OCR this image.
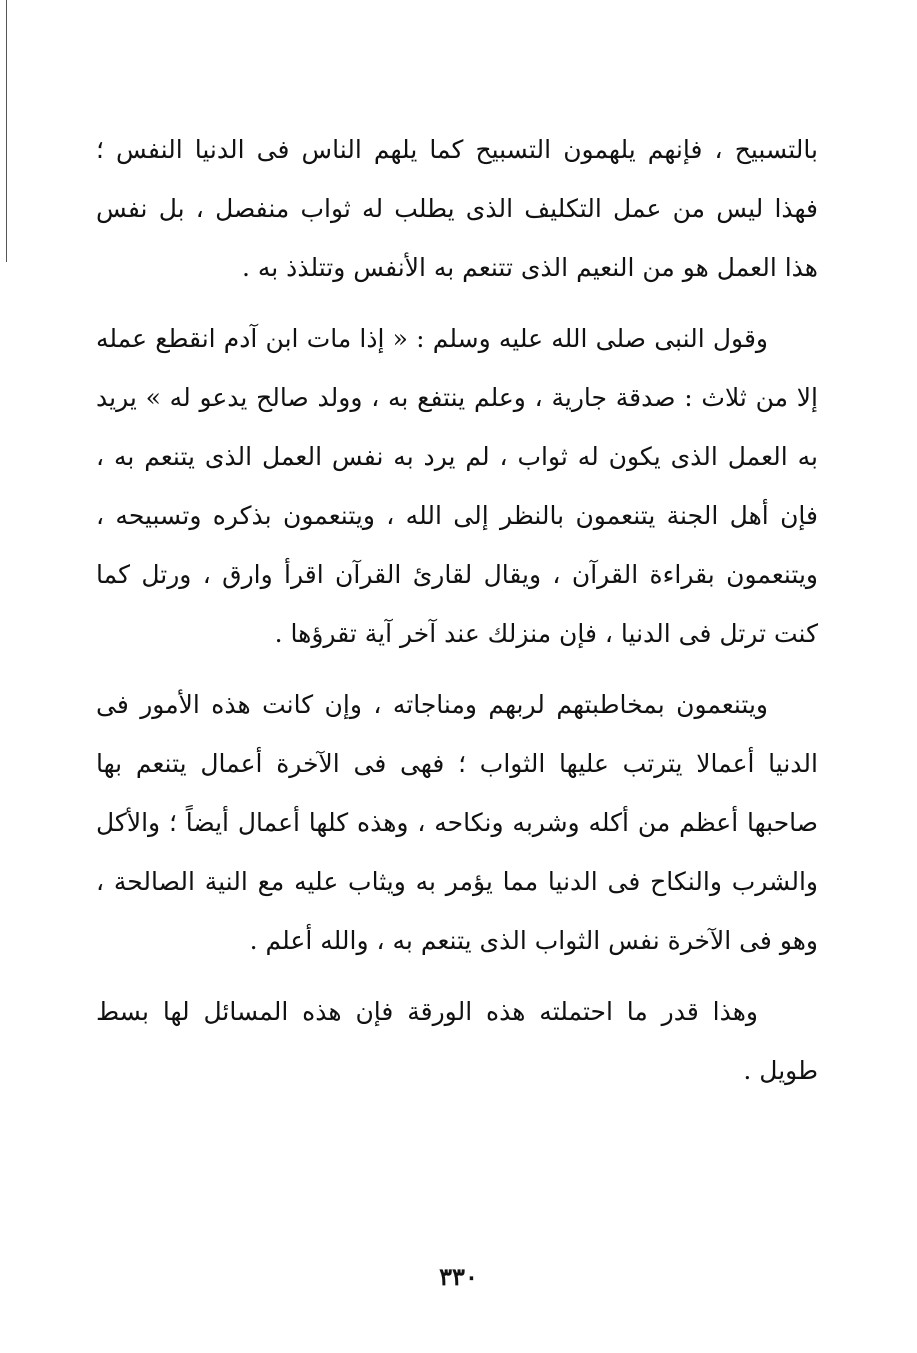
بالتسبيح ، فإنهم يلهمون التسبيح كما يلهم الناس فى الدنيا النفس ؛ فهذا ليس من عمل التكليف الذى يطلب له ثواب منفصل ، بل نفس هذا العمل هو من النعيم الذى تتنعم به الأنفس وتتلذذ به .

وقول النبى صلى الله عليه وسلم : « إذا مات ابن آدم انقطع عمله إلا من ثلاث : صدقة جارية ، وعلم ينتفع به ، وولد صالح يدعو له » يريد به العمل الذى يكون له ثواب ، لم يرد به نفس العمل الذى يتنعم به ، فإن أهل الجنة يتنعمون بالنظر إلى الله ، ويتنعمون بذكره وتسبيحه ، ويتنعمون بقراءة القرآن ، ويقال لقارئ القرآن اقرأ وارق ، ورتل كما كنت ترتل فى الدنيا ، فإن منزلك عند آخر آية تقرؤها .

ويتنعمون بمخاطبتهم لربهم ومناجاته ، وإن كانت هذه الأمور فى الدنيا أعمالا يترتب عليها الثواب ؛ فهى فى الآخرة أعمال يتنعم بها صاحبها أعظم من أكله وشربه ونكاحه ، وهذه كلها أعمال أيضاً ؛ والأكل والشرب والنكاح فى الدنيا مما يؤمر به ويثاب عليه مع النية الصالحة ، وهو فى الآخرة نفس الثواب الذى يتنعم به ، والله أعلم .

وهذا قدر ما احتملته هذه الورقة فإن هذه المسائل لها بسط طويل .

٣٣٠
